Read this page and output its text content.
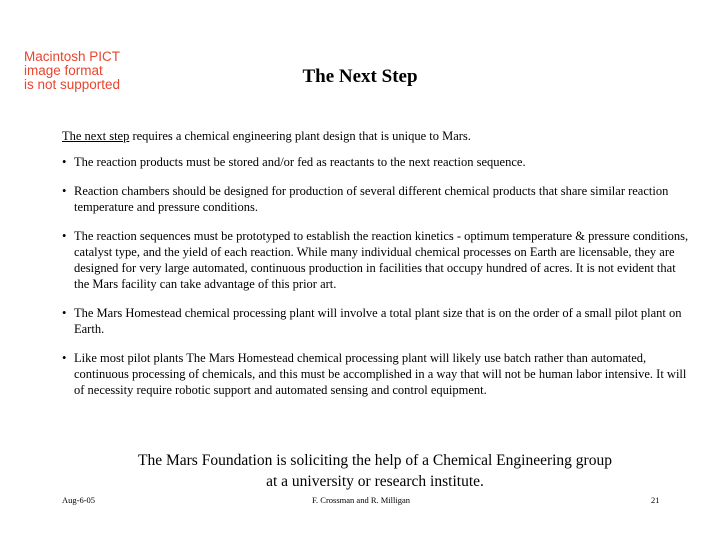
Macintosh PICT
image format
is not supported	The Next Step
The next step requires a chemical engineering plant design that is unique to Mars.
• The reaction products must be stored and/or fed as reactants to the next reaction sequence.
• Reaction chambers should be designed for production of several different chemical products that share similar reaction temperature and pressure conditions.
• The reaction sequences must be prototyped to establish the reaction kinetics - optimum temperature & pressure conditions, catalyst type, and the yield of each reaction. While many individual chemical processes on Earth are licensable, they are designed for very large automated, continuous production in facilities that occupy hundred of acres. It is not evident that the Mars facility can take advantage of this prior art.
• The Mars Homestead chemical processing plant will involve a total plant size that is on the order of a small pilot plant on Earth.
• Like most pilot plants The Mars Homestead chemical processing plant will likely use batch rather than automated, continuous processing of chemicals, and this must be accomplished in a way that will not be human labor intensive. It will of necessity require robotic support and automated sensing and control equipment.
The Mars Foundation is soliciting the help of a Chemical Engineering group
at a university or research institute.
Aug-6-05	F. Crossman and R. Milligan	21
